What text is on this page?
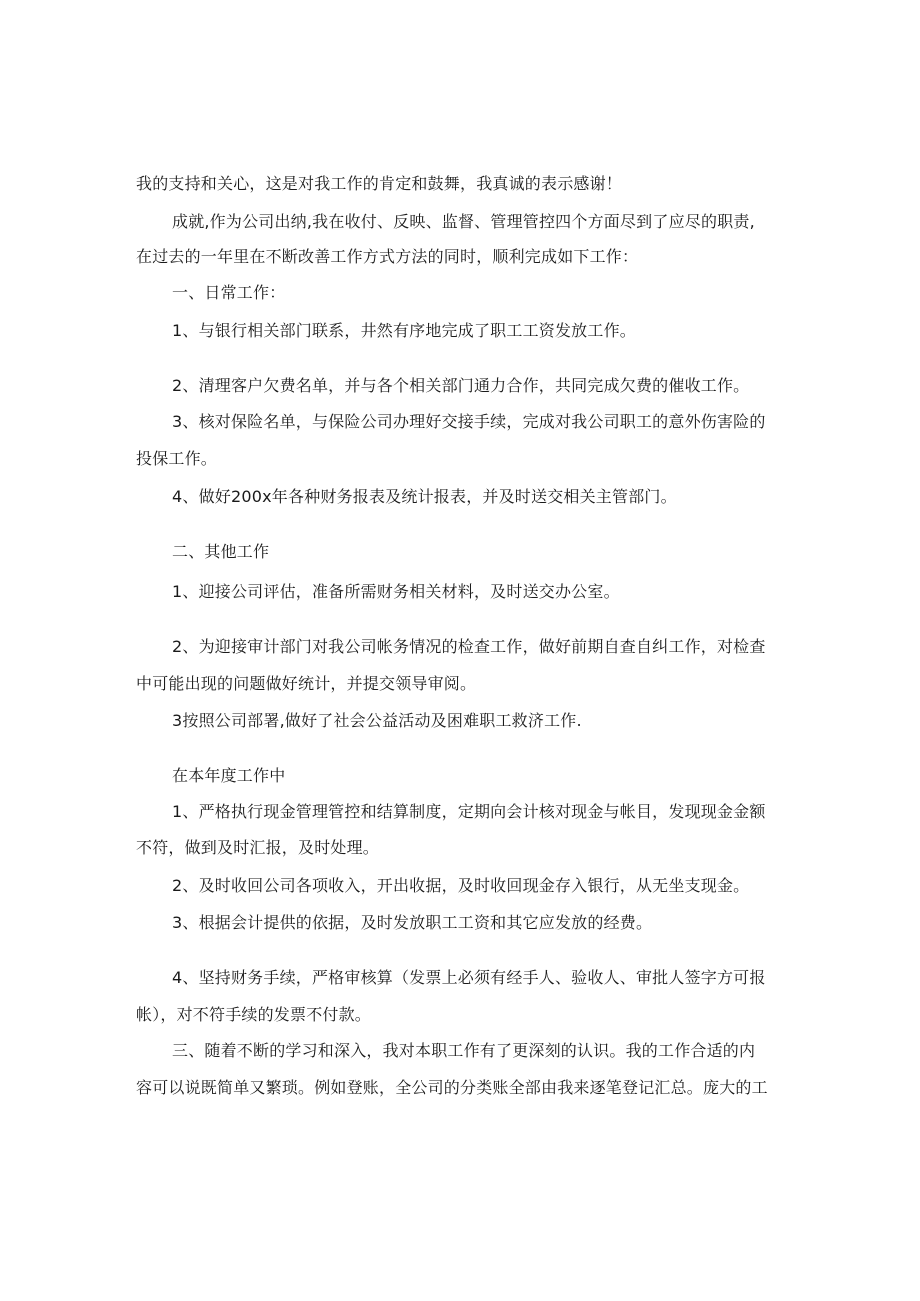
我的支持和关心，这是对我工作的肯定和鼓舞，我真诚的表示感谢！
成就,作为公司出纳,我在收付、反映、监督、管理管控四个方面尽到了应尽的职责,
在过去的一年里在不断改善工作方式方法的同时，顺利完成如下工作：
一、日常工作：
1、与银行相关部门联系，井然有序地完成了职工工资发放工作。
2、清理客户欠费名单，并与各个相关部门通力合作，共同完成欠费的催收工作。
3、核对保险名单，与保险公司办理好交接手续，完成对我公司职工的意外伤害险的
投保工作。
4、做好200x年各种财务报表及统计报表，并及时送交相关主管部门。
二、其他工作
1、迎接公司评估，准备所需财务相关材料，及时送交办公室。
2、为迎接审计部门对我公司帐务情况的检查工作，做好前期自查自纠工作，对检查
中可能出现的问题做好统计，并提交领导审阅。
3按照公司部署,做好了社会公益活动及困难职工救济工作.
在本年度工作中
1、严格执行现金管理管控和结算制度，定期向会计核对现金与帐目，发现现金金额
不符，做到及时汇报，及时处理。
2、及时收回公司各项收入，开出收据，及时收回现金存入银行，从无坐支现金。
3、根据会计提供的依据，及时发放职工工资和其它应发放的经费。
4、坚持财务手续，严格审核算（发票上必须有经手人、验收人、审批人签字方可报
帐），对不符手续的发票不付款。
三、随着不断的学习和深入，我对本职工作有了更深刻的认识。我的工作合适的内
容可以说既简单又繁琐。例如登账，全公司的分类账全部由我来逐笔登记汇总。庞大的工
